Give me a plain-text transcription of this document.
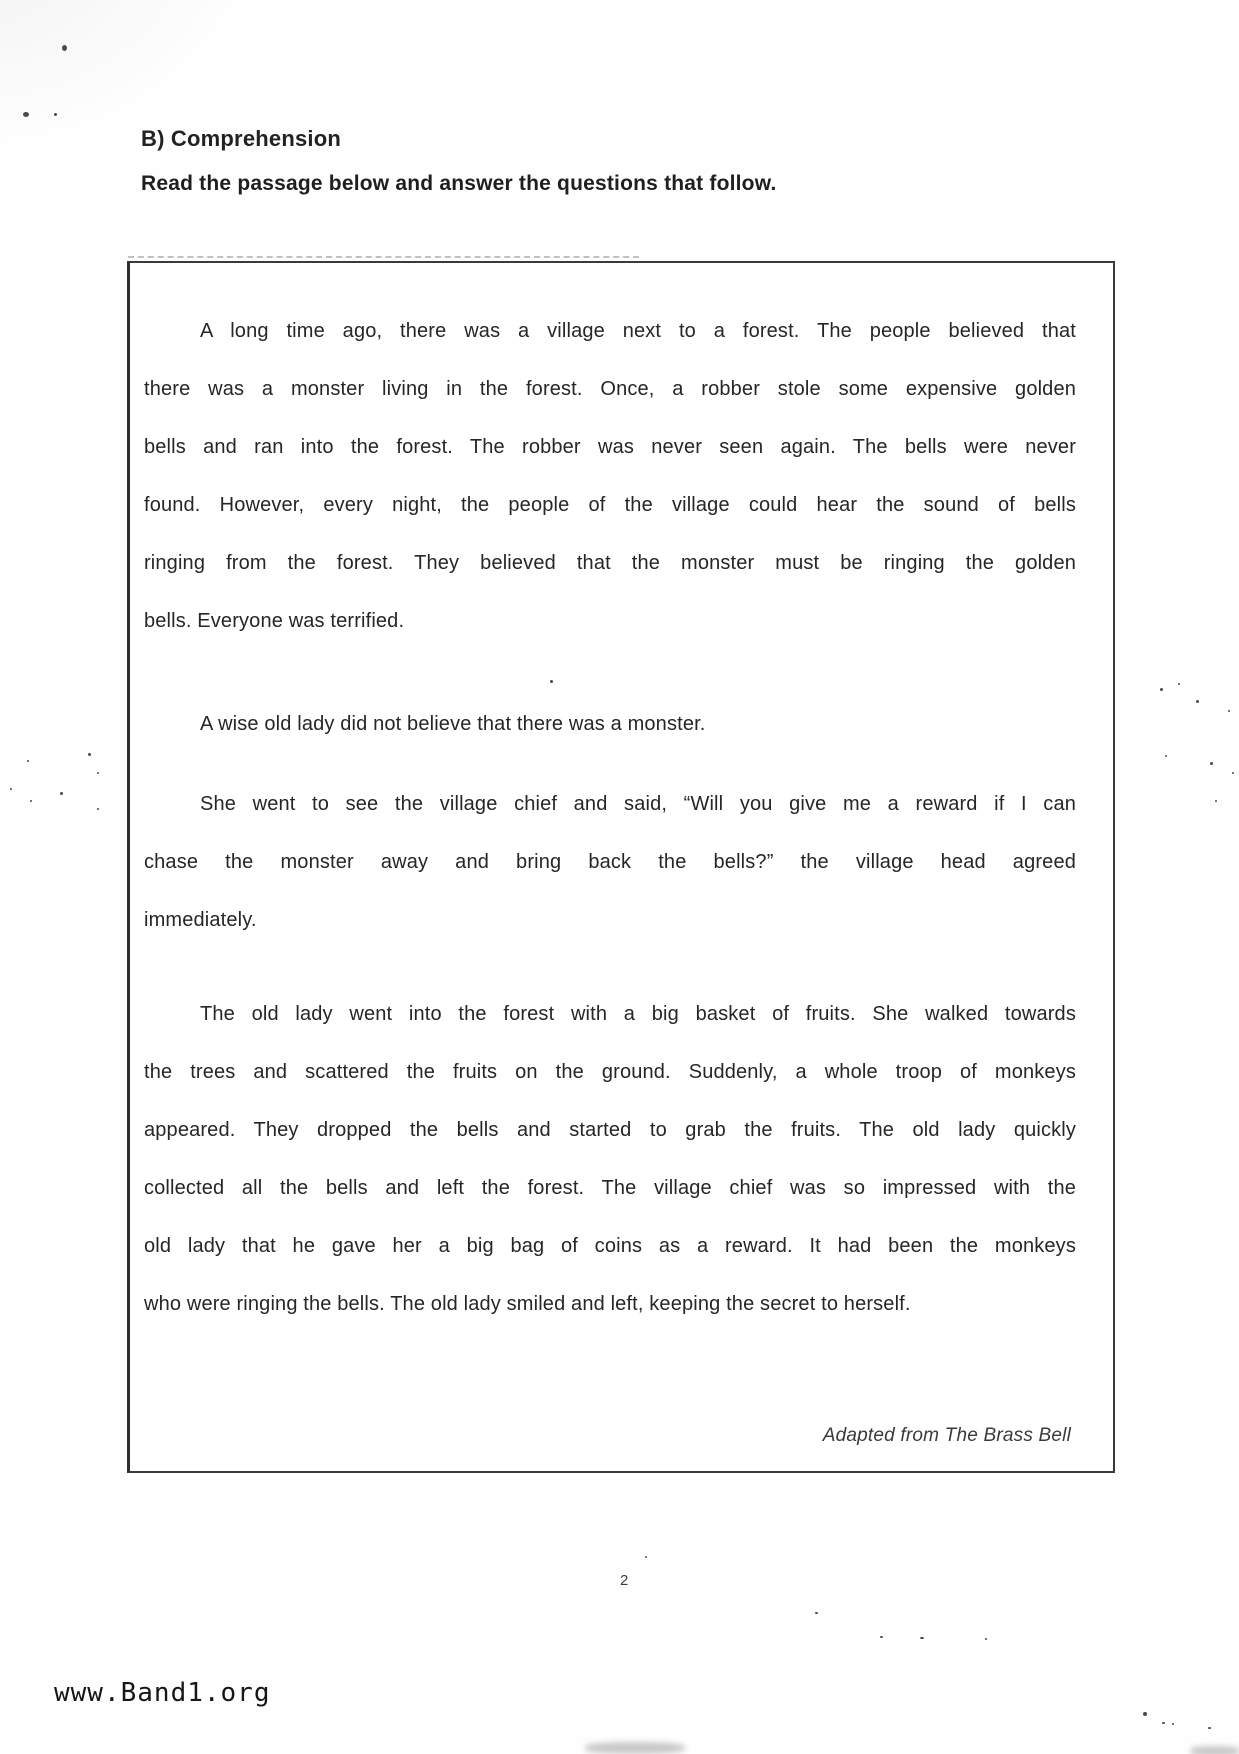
B) Comprehension
Read the passage below and answer the questions that follow.
A long time ago, there was a village next to a forest. The people believed that
there was a monster living in the forest. Once, a robber stole some expensive golden
bells and ran into the forest. The robber was never seen again. The bells were never
found. However, every night, the people of the village could hear the sound of bells
ringing from the forest. They believed that the monster must be ringing the golden
bells. Everyone was terrified.
A wise old lady did not believe that there was a monster.
She went to see the village chief and said, “Will you give me a reward if I can
chase the monster away and bring back the bells?” the village head agreed
immediately.
The old lady went into the forest with a big basket of fruits. She walked towards
the trees and scattered the fruits on the ground. Suddenly, a whole troop of monkeys
appeared. They dropped the bells and started to grab the fruits. The old lady quickly
collected all the bells and left the forest. The village chief was so impressed with the
old lady that he gave her a big bag of coins as a reward. It had been the monkeys
who were ringing the bells. The old lady smiled and left, keeping the secret to herself.
Adapted from The Brass Bell
2
www.Band1.org
